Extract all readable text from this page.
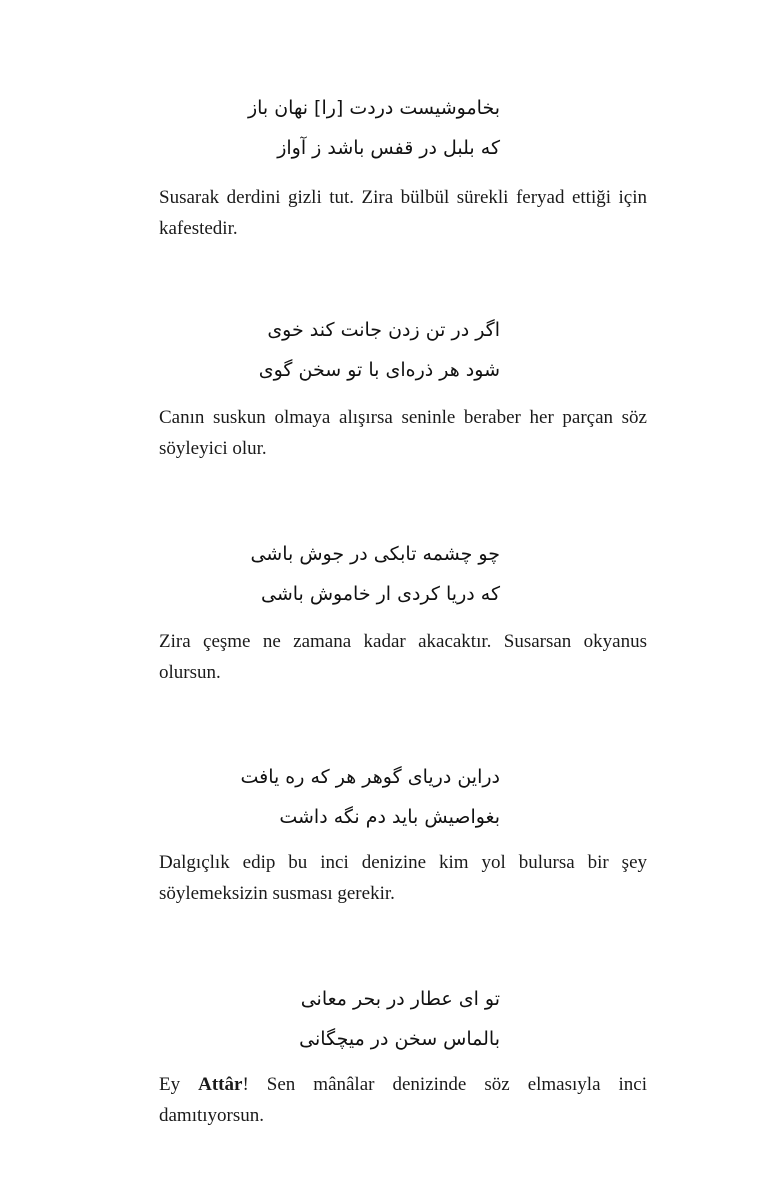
بخاموشیست دردت [را] نهان باز
که بلبل در قفس باشد ز آواز
Susarak derdini gizli tut. Zira bülbül sürekli feryad ettiği için kafestedir.
اگر در تن زدن جانت کند خوی
شود هر ذره‌ای با تو سخن گوی
Canın suskun olmaya alışırsa seninle beraber her parçan söz söyleyici olur.
چو چشمه تابکی در جوش باشی
که دریا کردی ار خاموش باشی
Zira çeşme ne zamana kadar akacaktır. Susarsan okyanus olursun.
دراین دریای گوهر هر که ره یافت
بغواصیش باید دم نگه داشت
Dalgıçlık edip bu inci denizine kim yol bulursa bir şey söylemeksizin susması gerekir.
تو ای عطار در بحر معانی
بالماس سخن در میچگانی
Ey Attâr! Sen mânâlar denizinde söz elmasıyla inci damıtıyorsun.
